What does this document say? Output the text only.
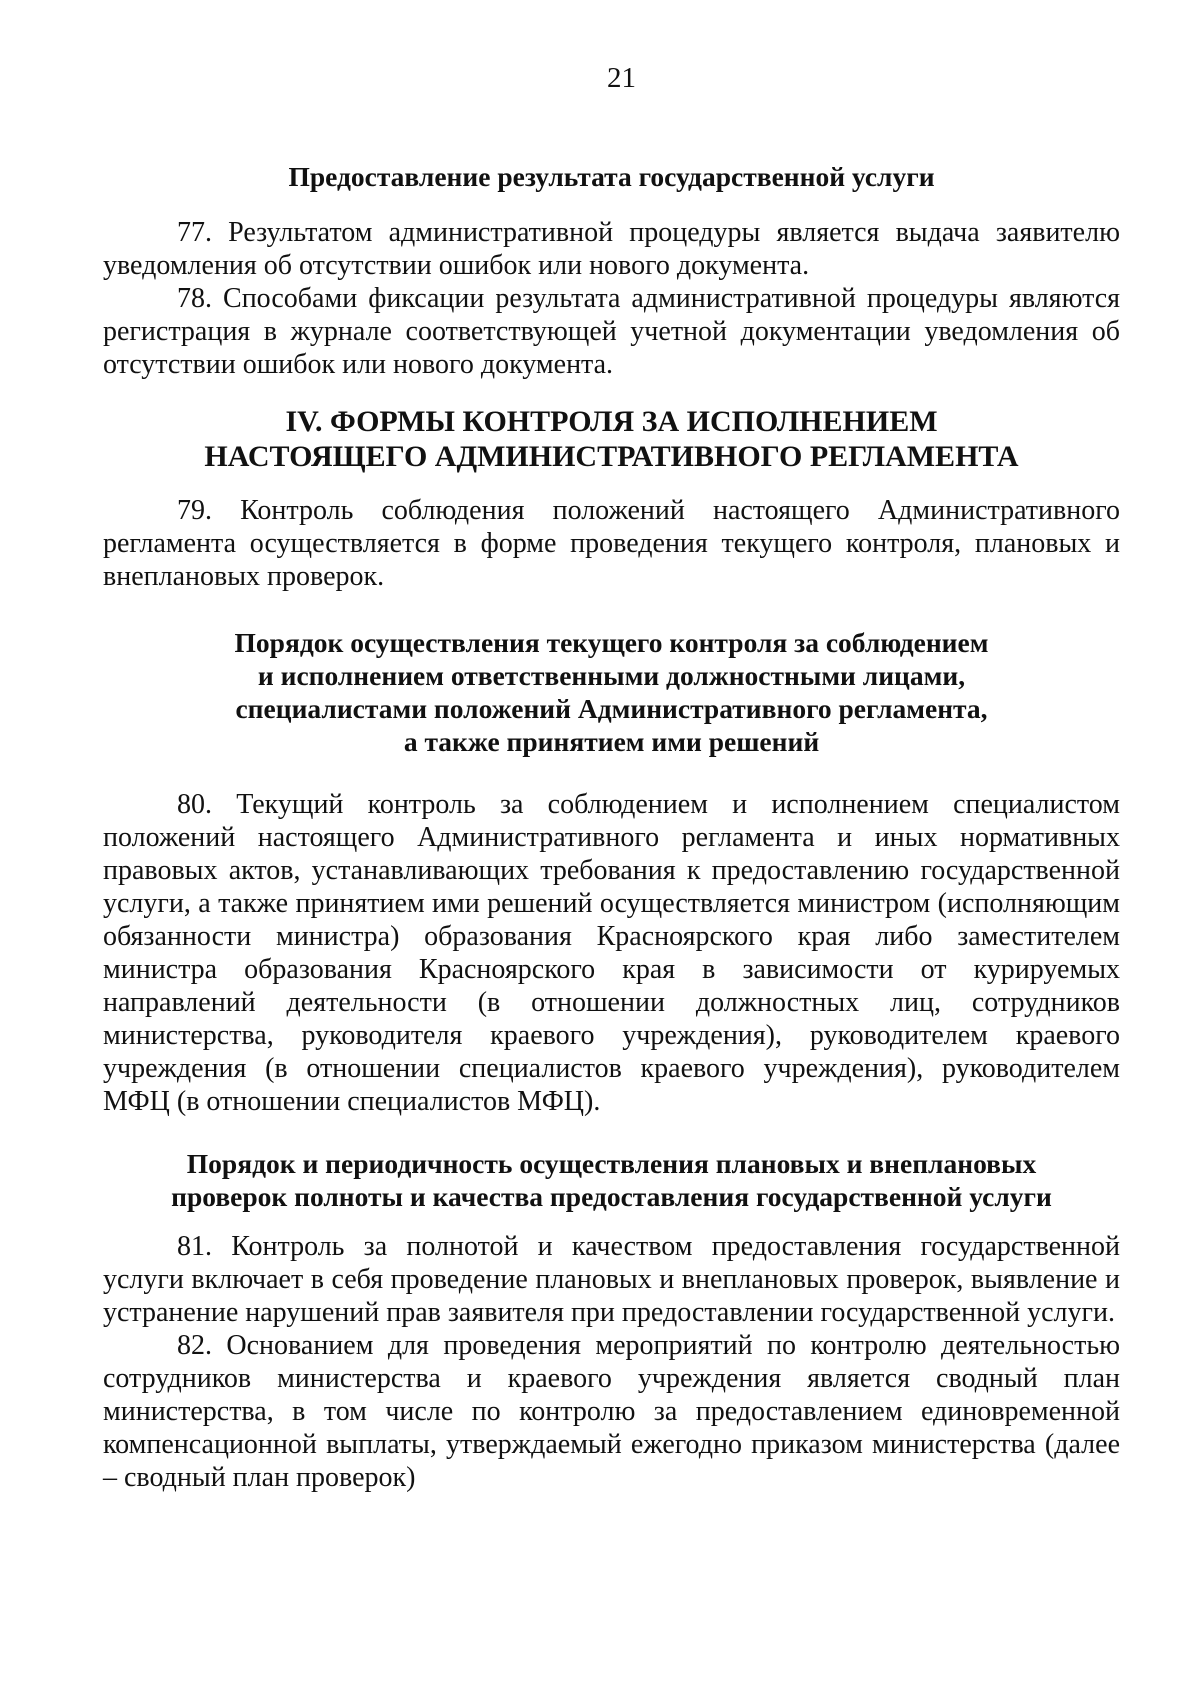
21
Предоставление результата государственной услуги

77. Результатом административной процедуры является выдача заявителю уведомления об отсутствии ошибок или нового документа.

78. Способами фиксации результата административной процедуры являются регистрация в журнале соответствующей учетной документации уведомления об отсутствии ошибок или нового документа.

IV. ФОРМЫ КОНТРОЛЯ ЗА ИСПОЛНЕНИЕМ
НАСТОЯЩЕГО АДМИНИСТРАТИВНОГО РЕГЛАМЕНТА

79. Контроль соблюдения положений настоящего Административного регламента осуществляется в форме проведения текущего контроля, плановых и внеплановых проверок.

Порядок осуществления текущего контроля за соблюдением
и исполнением ответственными должностными лицами,
специалистами положений Административного регламента,
а также принятием ими решений

80. Текущий контроль за соблюдением и исполнением специалистом положений настоящего Административного регламента и иных нормативных правовых актов, устанавливающих требования к предоставлению государственной услуги, а также принятием ими решений осуществляется министром (исполняющим обязанности министра) образования Красноярского края либо заместителем министра образования Красноярского края в зависимости от курируемых направлений деятельности (в отношении должностных лиц, сотрудников министерства, руководителя краевого учреждения), руководителем краевого учреждения (в отношении специалистов краевого учреждения), руководителем МФЦ (в отношении специалистов МФЦ).

Порядок и периодичность осуществления плановых и внеплановых
проверок полноты и качества предоставления государственной услуги

81. Контроль за полнотой и качеством предоставления государственной услуги включает в себя проведение плановых и внеплановых проверок, выявление и устранение нарушений прав заявителя при предоставлении государственной услуги.

82. Основанием для проведения мероприятий по контролю деятельностью сотрудников министерства и краевого учреждения является сводный план министерства, в том числе по контролю за предоставлением единовременной компенсационной выплаты, утверждаемый ежегодно приказом министерства (далее – сводный план проверок)
